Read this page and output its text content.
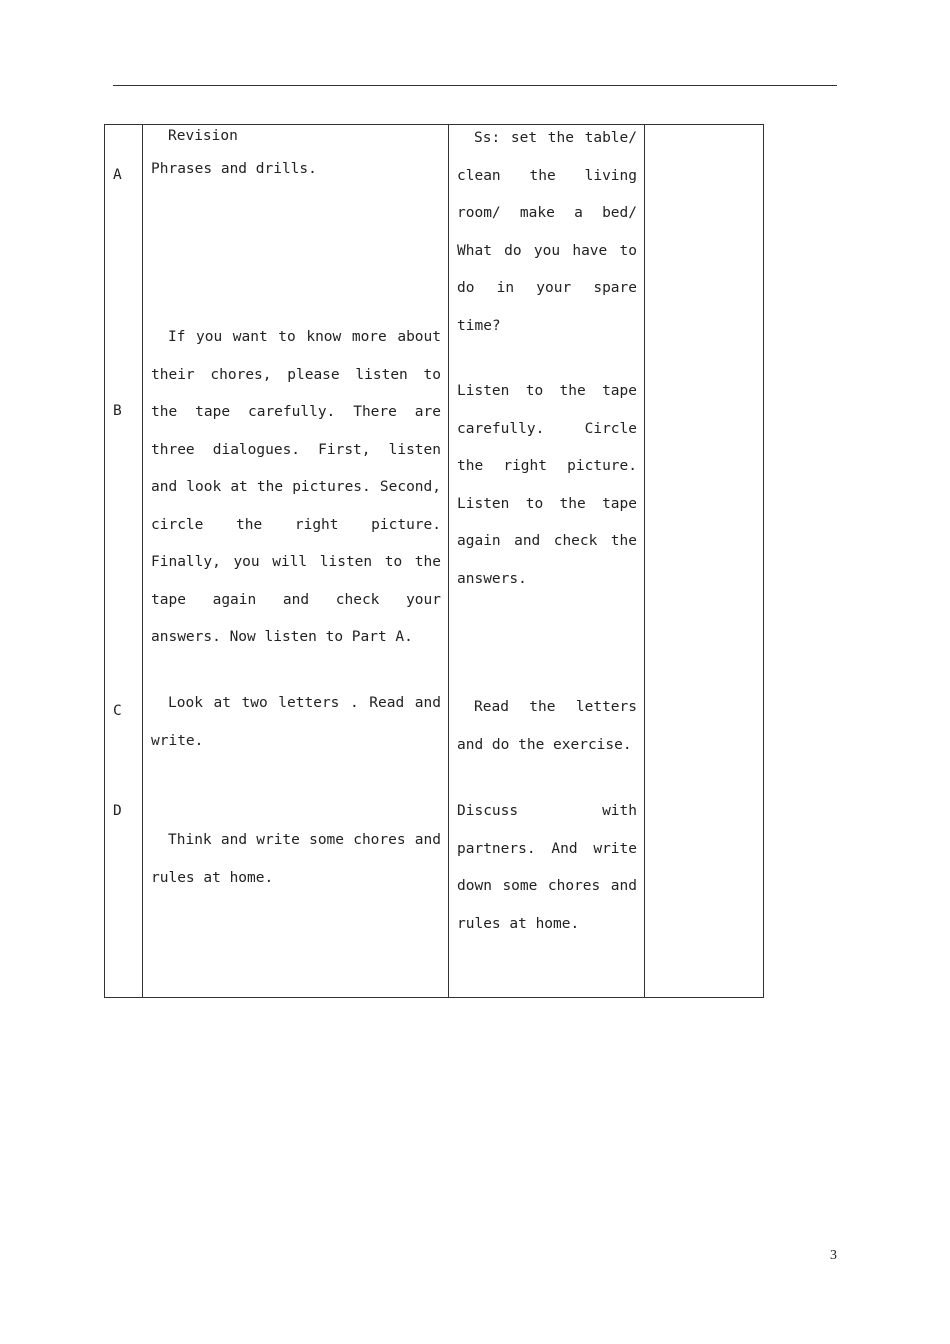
A
B
C
D

Revision

Phrases and drills.

If you want to know more about their chores, please listen to the tape carefully. There are three dialogues. First, listen and look at the pictures. Second, circle the right picture. Finally, you will listen to the tape again and check your answers. Now listen to Part A.

Look at two letters . Read and write.

Think and write some chores and rules at home.

Ss: set the table/ clean the living room/ make a bed/ What do you have to do in your spare time?

Listen to the tape carefully. Circle the right picture. Listen to the tape again and check the answers.

Read the letters and do the exercise.

Discuss with partners. And write down some chores and rules at home.

3
